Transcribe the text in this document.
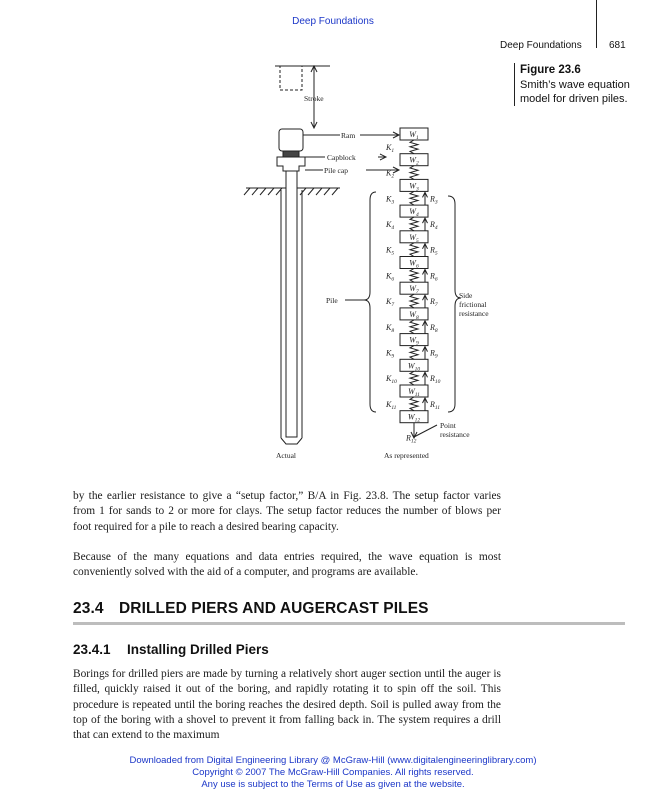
Deep Foundations
Deep Foundations	681
Figure 23.6
Smith’s wave equation model for driven piles.
$W_1$
$W_2$
$W_3$
$W_4$
$W_5$
$W_6$
$W_7$
$W_8$
$W_9$
$W_{10}$
$W_{11}$
$W_{12}$
$K_1$
$K_2$
$K_3$
$K_4$
$K_5$
$K_6$
$K_7$
$K_8$
$K_9$
$K_{10}$
$K_{11}$
$R_3$
$R_4$
$R_5$
$R_6$
$R_7$
$R_8$
$R_9$
$R_{10}$
$R_{11}$
$R_{12}$
Stroke
Ram
Capblock
Pile cap
Pile
Side
frictional
resistance
Point
resistance
Actual	As represented
by the earlier resistance to give a “setup factor,” B/A in Fig. 23.8. The setup factor varies from 1 for sands to 2 or more for clays. The setup factor reduces the number of blows per foot required for a pile to reach a desired bearing capacity.
Because of the many equations and data entries required, the wave equation is most conveniently solved with the aid of a computer, and programs are available.
23.4 DRILLED PIERS AND AUGERCAST PILES
23.4.1 Installing Drilled Piers
Borings for drilled piers are made by turning a relatively short auger section until the auger is filled, quickly raised it out of the boring, and rapidly rotating it to spin off the soil. This procedure is repeated until the boring reaches the desired depth. Soil is pulled away from the top of the boring with a shovel to prevent it from falling back in. The system requires a drill that can extend to the maximum
Downloaded from Digital Engineering Library @ McGraw-Hill (www.digitalengineeringlibrary.com)
Copyright © 2007 The McGraw-Hill Companies. All rights reserved.
Any use is subject to the Terms of Use as given at the website.
